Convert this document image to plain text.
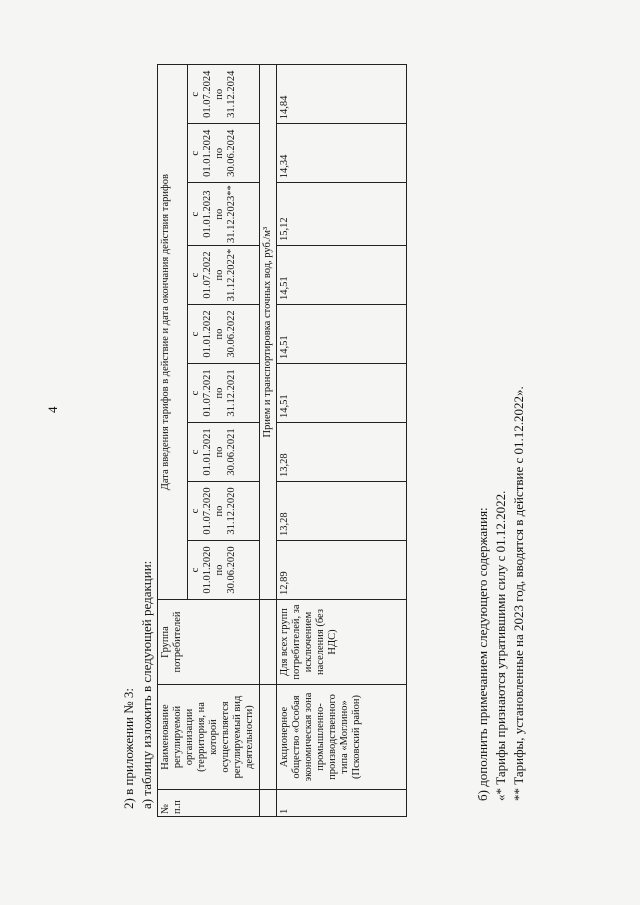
4
2) в приложении № 3: а) таблицу изложить в следующей редакции: № п.п	Наименование регулируемой организации (территория, на которой осуществляется регулируемый вид деятельности)	Группа потребителей	Дата введения тарифов в действие и дата окончания действия тарифов								
			с
01.01.2020
по
30.06.2020	с
01.07.2020
по
31.12.2020	с
01.01.2021
по
30.06.2021	с
01.07.2021
по
31.12.2021	с
01.01.2022
по
30.06.2022	с
01.07.2022
по
31.12.2022*	с
01.01.2023
по
31.12.2023**	с
01.01.2024
по
30.06.2024	с
01.07.2024
по
31.12.2024
			Прием и транспортировка сточных вод, руб./м³								
1	Акционерное общество «Особая экономическая зона промышленно-производственного типа «Моглино» (Псковский район)	Для всех групп потребителей, за исключением населения (без НДС)	12,89	13,28	13,28	14,51	14,51	14,51	15,12	14,34	14,84
б) дополнить примечанием следующего содержания: «* Тарифы признаются утратившими силу с 01.12.2022. ** Тарифы, установленные на 2023 год, вводятся в действие с 01.12.2022».
